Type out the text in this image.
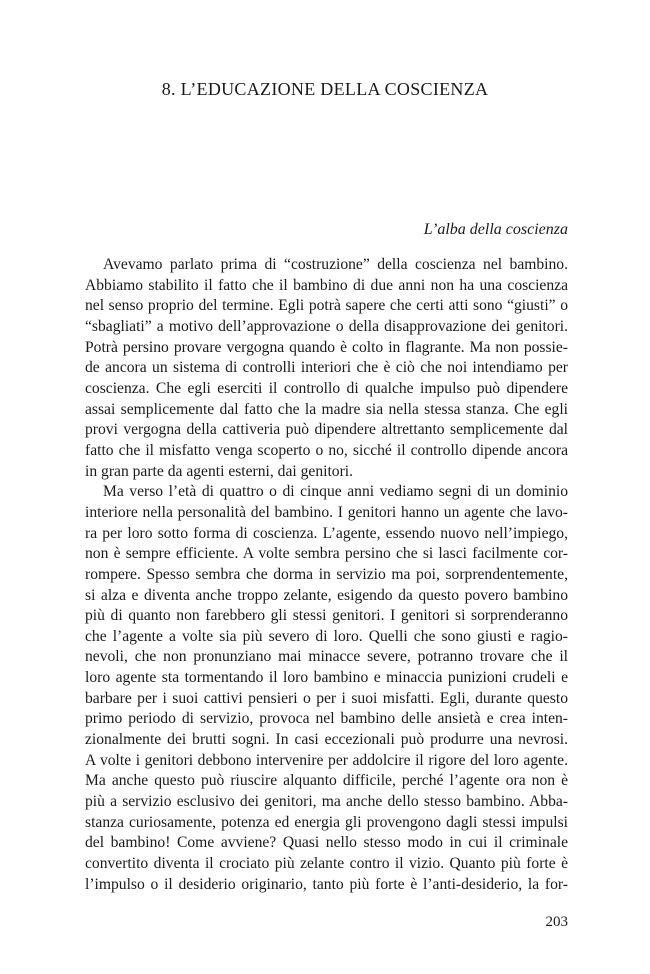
8. L’EDUCAZIONE DELLA COSCIENZA
L’alba della coscienza
Avevamo parlato prima di “costruzione” della coscienza nel bambino.
Abbiamo stabilito il fatto che il bambino di due anni non ha una coscienza
nel senso proprio del termine. Egli potrà sapere che certi atti sono “giusti” o
“sbagliati” a motivo dell’approvazione o della disapprovazione dei genitori.
Potrà persino provare vergogna quando è colto in flagrante. Ma non possie-
de ancora un sistema di controlli interiori che è ciò che noi intendiamo per
coscienza. Che egli eserciti il controllo di qualche impulso può dipendere
assai semplicemente dal fatto che la madre sia nella stessa stanza. Che egli
provi vergogna della cattiveria può dipendere altrettanto semplicemente dal
fatto che il misfatto venga scoperto o no, sicché il controllo dipende ancora
in gran parte da agenti esterni, dai genitori.
Ma verso l’età di quattro o di cinque anni vediamo segni di un dominio
interiore nella personalità del bambino. I genitori hanno un agente che lavo-
ra per loro sotto forma di coscienza. L’agente, essendo nuovo nell’impiego,
non è sempre efficiente. A volte sembra persino che si lasci facilmente cor-
rompere. Spesso sembra che dorma in servizio ma poi, sorprendentemente,
si alza e diventa anche troppo zelante, esigendo da questo povero bambino
più di quanto non farebbero gli stessi genitori. I genitori si sorprenderanno
che l’agente a volte sia più severo di loro. Quelli che sono giusti e ragio-
nevoli, che non pronunziano mai minacce severe, potranno trovare che il
loro agente sta tormentando il loro bambino e minaccia punizioni crudeli e
barbare per i suoi cattivi pensieri o per i suoi misfatti. Egli, durante questo
primo periodo di servizio, provoca nel bambino delle ansietà e crea inten-
zionalmente dei brutti sogni. In casi eccezionali può produrre una nevrosi.
A volte i genitori debbono intervenire per addolcire il rigore del loro agente.
Ma anche questo può riuscire alquanto difficile, perché l’agente ora non è
più a servizio esclusivo dei genitori, ma anche dello stesso bambino. Abba-
stanza curiosamente, potenza ed energia gli provengono dagli stessi impulsi
del bambino! Come avviene? Quasi nello stesso modo in cui il criminale
convertito diventa il crociato più zelante contro il vizio. Quanto più forte è
l’impulso o il desiderio originario, tanto più forte è l’anti-desiderio, la for-
203
